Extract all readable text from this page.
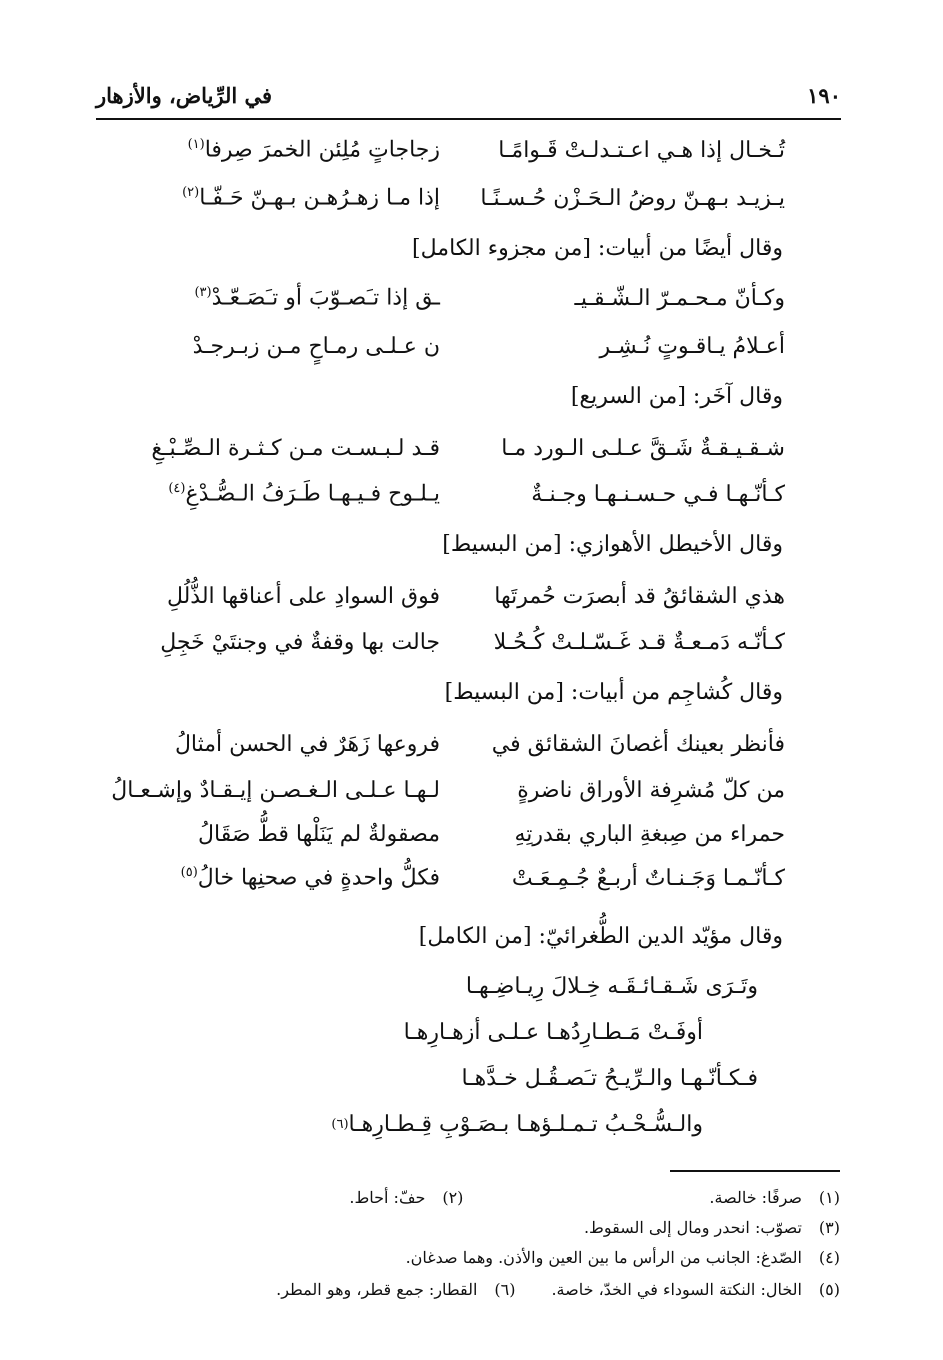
١٩٠
في الرِّياض، والأزهار
تُـخـال إذا هـي اعـتـدلـتْ قَـوامًـا
زجاجاتٍ مُلِئن الخمرَ صِرفا$^{(١)}$
يـزيـد بـهـنّ روضُ الـحَـزْن حُـسـنًـا
إذا مـا زهـرُهـن بـهـنّ حَـفّـا$^{(٢)}$
وقال أيضًا من أبيات: [من مجزوء الكامل]
وكـأنّ مـحـمـرّ الـشّـقـيـ
ـق إذا تـَصـوّبَ أو تـَصَـعّـدْ$^{(٣)}$
أعـلامُ يـاقـوتٍ نُـشِـر
ن عـلـى رمـاحٍ مـن زبـرجـدْ
وقال آخَر: [من السريع]
شـقـيـقـةٌ شَـقَّ عـلـى الـورد مـا
قـد لـبـسـت مـن كـثـرة الـصِّـبْـغِ
كـأنّـهـا فـي حـسـنـهـا وجـنـةٌ
يـلـوح فـيـهـا طَـرَفُ الـصُّـدْغِ$^{(٤)}$
وقال الأخيطل الأهوازي: [من البسيط]
هذي الشقائقُ قد أبصرَت حُمرتَها
فوق السوادِ على أعناقها الذُّلُلِ
كـأنّـه دَمـعـةٌ قـد غَـسّـلـتْ كُـحُـلا
جالت بها وقفةٌ في وجنتَيْ خَجِلِ
وقال كُشاجِم من أبيات: [من البسيط]
فأنظر بعينك أغصانَ الشقائق في
فروعها زَهَرٌ في الحسن أمثالُ
من كلّ مُشرِفة الأوراق ناضرةٍ
لـهـا عـلـى الـغـصـن إيـقـادٌ وإشـعـالُ
حمراء من صِبغةِ الباري بقدرتِهِ
مصقولةٌ لم يَنَلْها قطُّ صَقَالُ
كـأنّـمـا وَجَـنـاتٌ أربـعٌ جُـمِـعَـتْ
فكلُّ واحدةٍ في صحنِها خالُ$^{(٥)}$
وقال مؤيّد الدين الطُّغرائيّ: [من الكامل]
وتَـرَى شَـقـائـقَـه خِـلالَ رِيـاضِـهـا
أوفَـتْ مَـطـارِدُهـا عـلـى أزهـارِهـا
فـكـأنّـهـا والـرِّيـحُ تـَصـقُـل خـدَّهـا
والـسُّـحْـبُ تـمـلـؤهـا بـصَـوْبِ قِـطـارِهـا
(٦)
(١)
صرفًا: خالصة.
(٢)
حفّ: أحاط.
(٣)
تصوّب: انحدر ومال إلى السقوط.
(٤)
الصّدغ: الجانب من الرأس ما بين العين والأذن. وهما صدغان.
(٥)
الخال: النكتة السوداء في الخدّ، خاصة.
(٦)
القطار: جمع قطر، وهو المطر.
